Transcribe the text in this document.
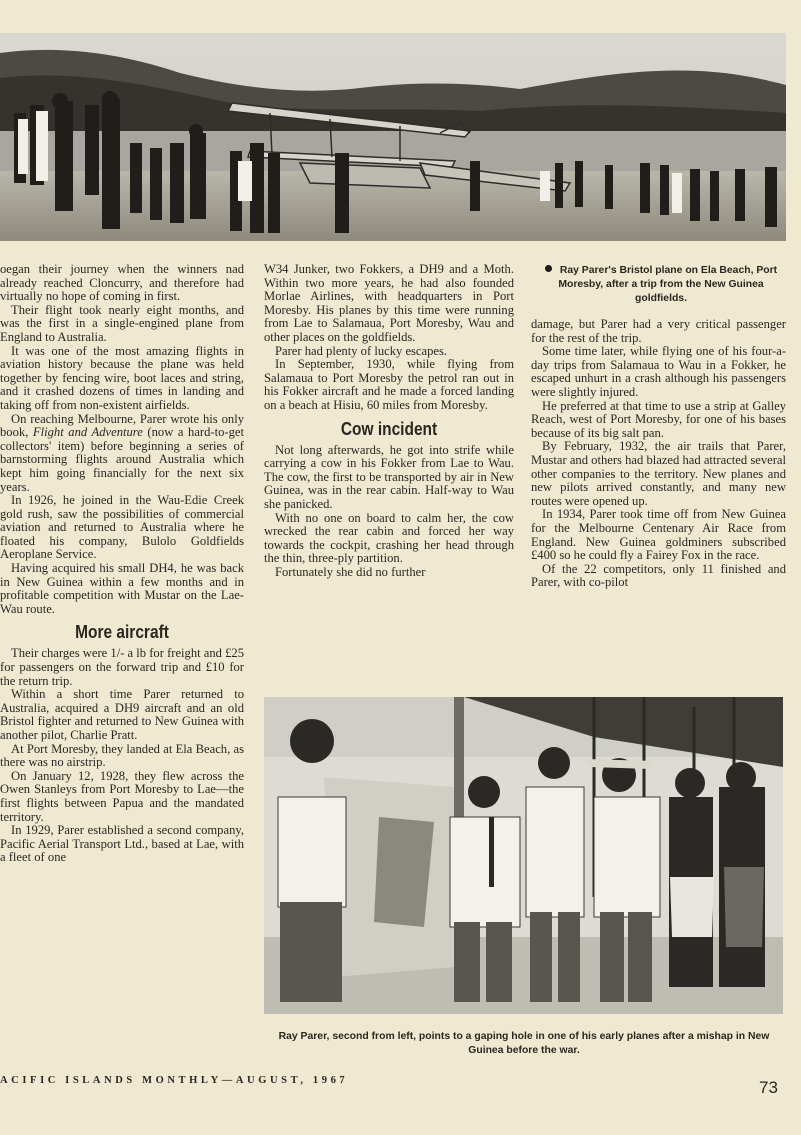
Ray Parer's Bristol plane on Ela Beach, Port Moresby, after a trip from the New Guinea goldfields.

oegan their journey when the winners nad already reached Cloncurry, and therefore had virtually no hope of coming in first.

Their flight took nearly eight months, and was the first in a single-engined plane from England to Australia.

It was one of the most amazing flights in aviation history because the plane was held together by fencing wire, boot laces and string, and it crashed dozens of times in landing and taking off from non-existent airfields.

On reaching Melbourne, Parer wrote his only book, Flight and Adventure (now a hard-to-get collectors' item) before beginning a series of barnstorming flights around Australia which kept him going financially for the next six years.

In 1926, he joined in the Wau-Edie Creek gold rush, saw the possibilities of commercial aviation and returned to Australia where he floated his company, Bulolo Goldfields Aeroplane Service.

Having acquired his small DH4, he was back in New Guinea within a few months and in profitable competition with Mustar on the Lae-Wau route.

More aircraft

Their charges were 1/- a lb for freight and £25 for passengers on the forward trip and £10 for the return trip.

Within a short time Parer returned to Australia, acquired a DH9 aircraft and an old Bristol fighter and returned to New Guinea with another pilot, Charlie Pratt.

At Port Moresby, they landed at Ela Beach, as there was no airstrip.

On January 12, 1928, they flew across the Owen Stanleys from Port Moresby to Lae—the first flights between Papua and the mandated territory.

In 1929, Parer established a second company, Pacific Aerial Transport Ltd., based at Lae, with a fleet of one

W34 Junker, two Fokkers, a DH9 and a Moth. Within two more years, he had also founded Morlae Airlines, with headquarters in Port Moresby. His planes by this time were running from Lae to Salamaua, Port Moresby, Wau and other places on the goldfields.

Parer had plenty of lucky escapes.

In September, 1930, while flying from Salamaua to Port Moresby the petrol ran out in his Fokker aircraft and he made a forced landing on a beach at Hisiu, 60 miles from Moresby.

Cow incident

Not long afterwards, he got into strife while carrying a cow in his Fokker from Lae to Wau. The cow, the first to be transported by air in New Guinea, was in the rear cabin. Half-way to Wau she panicked.

With no one on board to calm her, the cow wrecked the rear cabin and forced her way towards the cockpit, crashing her head through the thin, three-ply partition.

Fortunately she did no further

damage, but Parer had a very critical passenger for the rest of the trip.

Some time later, while flying one of his four-a-day trips from Salamaua to Wau in a Fokker, he escaped unhurt in a crash although his passengers were slightly injured.

He preferred at that time to use a strip at Galley Reach, west of Port Moresby, for one of his bases because of its big salt pan.

By February, 1932, the air trails that Parer, Mustar and others had blazed had attracted several other companies to the territory. New planes and new pilots arrived constantly, and many new routes were opened up.

In 1934, Parer took time off from New Guinea for the Melbourne Centenary Air Race from England. New Guinea goldminers subscribed £400 so he could fly a Fairey Fox in the race.

Of the 22 competitors, only 11 finished and Parer, with co-pilot

Ray Parer, second from left, points to a gaping hole in one of his early planes after a mishap in New Guinea before the war.
ACIFIC ISLANDS MONTHLY—AUGUST, 1967	73
